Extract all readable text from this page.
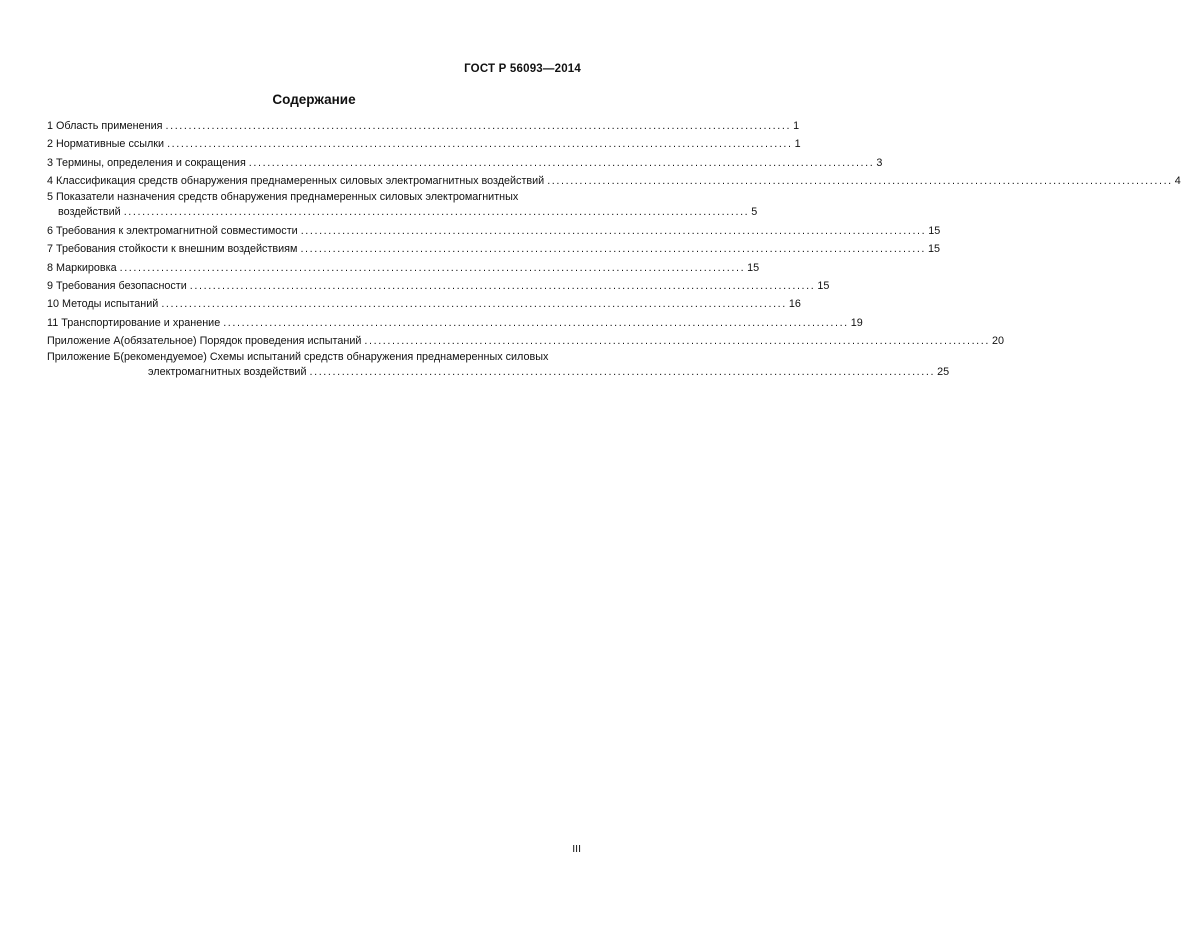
ГОСТ Р 56093—2014
Содержание
1 Область применения ........................................................................................................................................ 1
2 Нормативные ссылки ........................................................................................................................................ 1
3 Термины, определения и сокращения ........................................................................................................................................ 3
4 Классификация средств обнаружения преднамеренных силовых электромагнитных воздействий ........................................................................................................................................ 4
5 Показатели назначения средств обнаружения преднамеренных силовых электромагнитных
воздействий ........................................................................................................................................ 5
6 Требования к электромагнитной совместимости ........................................................................................................................................ 15
7 Требования стойкости к внешним воздействиям ........................................................................................................................................ 15
8 Маркировка ........................................................................................................................................ 15
9 Требования безопасности ........................................................................................................................................ 15
10 Методы испытаний ........................................................................................................................................ 16
11 Транспортирование и хранение ........................................................................................................................................ 19
Приложение А (обязательное) Порядок проведения испытаний ........................................................................................................................................ 20
Приложение Б (рекомендуемое) Схемы испытаний средств обнаружения преднамеренных силовых
электромагнитных воздействий ........................................................................................................................................ 25
III
